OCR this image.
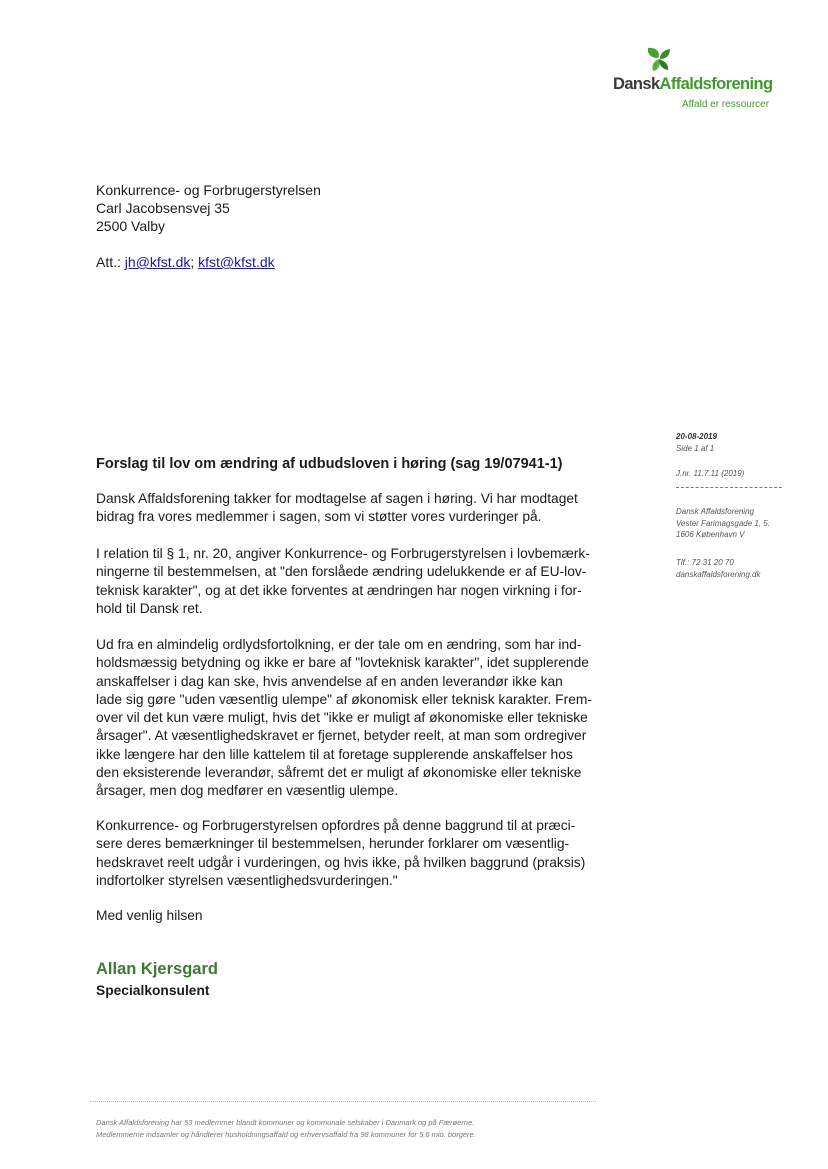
DanskAffaldsforening
Affald er ressourcer
Konkurrence- og Forbrugerstyrelsen
Carl Jacobsensvej 35
2500 Valby
Att.: jh@kfst.dk; kfst@kfst.dk
20-08-2019
Side 1 af 1
J.nr. 11.7.11 (2019)
Dansk Affaldsforening
Vester Farimagsgade 1, 5.
1606 København V
Tlf.: 72 31 20 70
danskaffaldsforening.dk
Forslag til lov om ændring af udbudsloven i høring (sag 19/07941-1)
Dansk Affaldsforening takker for modtagelse af sagen i høring. Vi har modtaget
bidrag fra vores medlemmer i sagen, som vi støtter vores vurderinger på.
I relation til § 1, nr. 20, angiver Konkurrence- og Forbrugerstyrelsen i lovbemærk-
ningerne til bestemmelsen, at "den forslåede ændring udelukkende er af EU-lov-
teknisk karakter", og at det ikke forventes at ændringen har nogen virkning i for-
hold til Dansk ret.
Ud fra en almindelig ordlydsfortolkning, er der tale om en ændring, som har ind-
holdsmæssig betydning og ikke er bare af "lovteknisk karakter", idet supplerende
anskaffelser i dag kan ske, hvis anvendelse af en anden leverandør ikke kan
lade sig gøre "uden væsentlig ulempe" af økonomisk eller teknisk karakter. Frem-
over vil det kun være muligt, hvis det "ikke er muligt af økonomiske eller tekniske
årsager". At væsentlighedskravet er fjernet, betyder reelt, at man som ordregiver
ikke længere har den lille kattelem til at foretage supplerende anskaffelser hos
den eksisterende leverandør, såfremt det er muligt af økonomiske eller tekniske
årsager, men dog medfører en væsentlig ulempe.
Konkurrence- og Forbrugerstyrelsen opfordres på denne baggrund til at præci-
sere deres bemærkninger til bestemmelsen, herunder forklarer om væsentlig-
hedskravet reelt udgår i vurderingen, og hvis ikke, på hvilken baggrund (praksis)
indfortolker styrelsen væsentlighedsvurderingen."
Med venlig hilsen
Allan Kjersgard
Specialkonsulent
Dansk Affaldsforening har 53 medlemmer blandt kommuner og kommunale selskaber i Danmark og på Færøerne.
Medlemmerne indsamler og håndterer husholdningsaffald og erhvervsaffald fra 98 kommuner for 5,6 mio. borgere.
